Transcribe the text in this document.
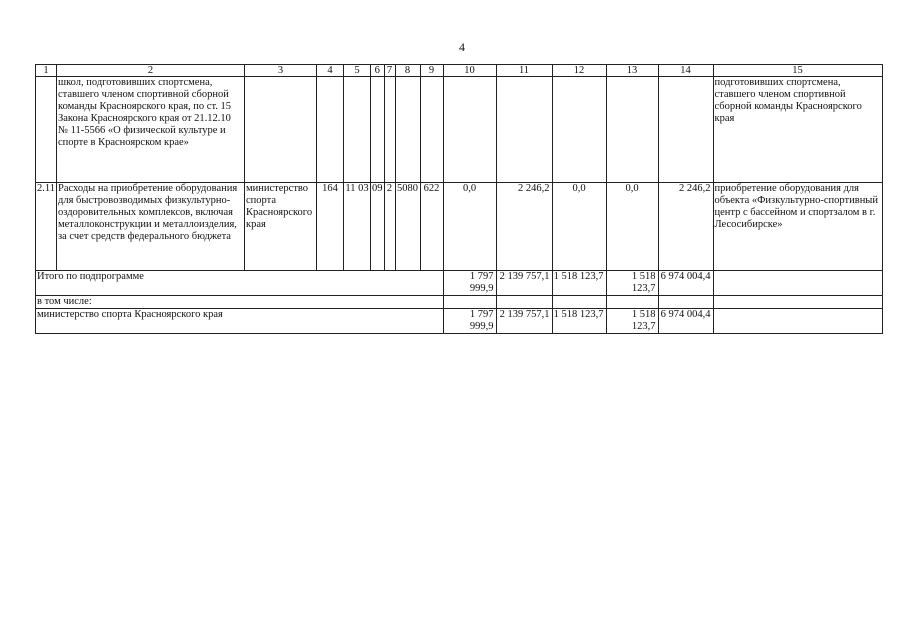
4
1	2	3	4	5	6	7	8	9	10	11	12	13	14	15
	школ, подготовивших спортсмена, ставшего членом спортивной сборной команды Красноярского края, по ст. 15 Закона Красноярского края от 21.12.10 № 11-5566 «О физической культуре и спорте в Красноярском крае»													подготовивших спортсмена, ставшего членом спортивной сборной команды Красноярского края
2.11	Расходы на приобретение оборудования для быстровозводимых физкультурно-оздоровительных комплексов, включая металлоконструкции и металлоизделия, за счет средств федерального бюджета	министерство спорта Красноярского края	164	11 03	09	2	5080	622	0,0	2 246,2	0,0	0,0	2 246,2	приобретение оборудования для объекта «Физкультурно-спортивный центр с бассейном и спортзалом в г. Лесосибирске»
Итого по подпрограмме									1 797 999,9	2 139 757,1	1 518 123,7	1 518 123,7	6 974 004,4	
в том числе:														
министерство спорта Красноярского края									1 797 999,9	2 139 757,1	1 518 123,7	1 518 123,7	6 974 004,4	
